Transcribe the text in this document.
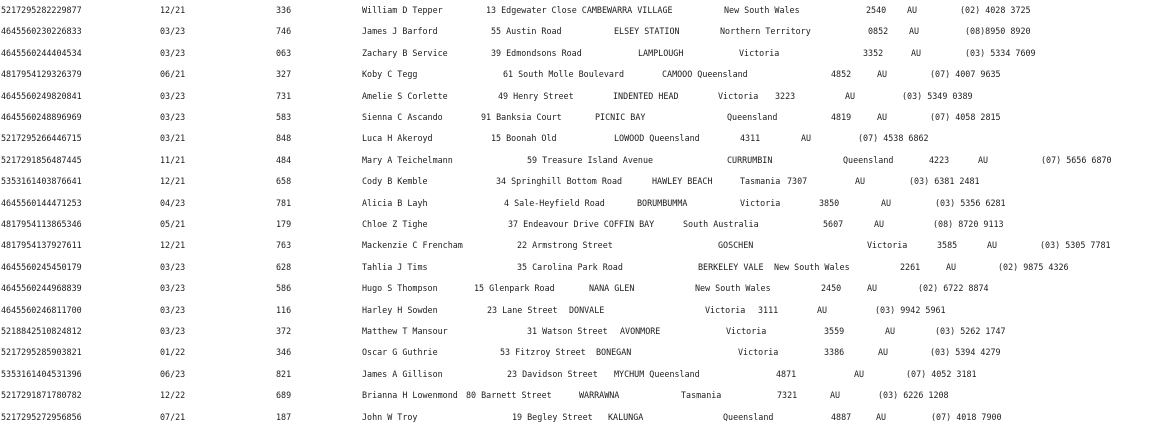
5217295282229877	12/21	336	William D Tepper	13 Edgewater Close CAMBEWARRA VILLAGE	New South Wales	2540 AU	(02) 4028 3725
4645560230226833	03/23	746	James J Barford	55 Austin Road	ELSEY STATION	Northern Territory	0852 AU	(08)8950 8920
4645560244404534	03/23	063	Zachary B Service	39 Edmondsons Road	LAMPLOUGH	Victoria	3352	AU	(03) 5334 7609
4817954129326379	06/21	327	Koby C Tegg	61 South Molle Boulevard	CAMOOO Queensland	4852	AU	(07) 4007 9635
4645560249820841	03/23	731	Amelie S Corlette	49 Henry Street	INDENTED HEAD	Victoria 3223	AU	(03) 5349 0389
4645560248896969	03/23	583	Sienna C Ascando	91 Banksia Court	PICNIC BAY	Queensland	4819	AU	(07) 4058 2815
5217295266446715	03/21	848	Luca H Akeroyd	15 Boonah Old	LOWOOD Queensland	4311	AU	(07) 4538 6862
5217291856487445	11/21	484	Mary A Teichelmann	59 Treasure Island Avenue	CURRUMBIN	Queensland	4223	AU	(07) 5656 6870
5353161403876641	12/21	658	Cody B Kemble	34 Springhill Bottom Road	HAWLEY BEACH	Tasmania 7307	AU	(03) 6381 2481
4645560144471253	04/23	781	Alicia B Layh	4 Sale-Heyfield Road	BORUMBUMMA	Victoria	3850	AU	(03) 5356 6281
4817954113865346	05/21	179	Chloe Z Tighe	37 Endeavour Drive COFFIN BAY	South Australia	5607	AU	(08) 8720 9113
4817954137927611	12/21	763	Mackenzie C Frencham	22 Armstrong Street	GOSCHEN	Victoria	3585	AU	(03) 5305 7781
4645560245450179	03/23	628	Tahlia J Tims	35 Carolina Park Road	BERKELEY VALE New South Wales	2261	AU	(02) 9875 4326
4645560244968839	03/23	586	Hugo S Thompson	15 Glenpark Road	NANA GLEN	New South Wales	2450	AU	(02) 6722 8874
4645560246811700	03/23	116	Harley H Sowden	23 Lane Street DONVALE	Victoria 3111	AU	(03) 9942 5961
5218842510824812	03/23	372	Matthew T Mansour	31 Watson Street AVONMORE	Victoria	3559	AU	(03) 5262 1747
5217295285903821	01/22	346	Oscar G Guthrie	53 Fitzroy Street BONEGAN	Victoria	3386	AU	(03) 5394 4279
5353161404531396	06/23	821	James A Gillison	23 Davidson Street MYCHUM Queensland	4871	AU	(07) 4052 3181
5217291871780782	12/22	689	Brianna H Lowenmond 80 Barnett Street	WARRAWNA	Tasmania	7321	AU	(03) 6226 1208
5217295272956856	07/21	187	John W Troy	19 Begley Street KALUNGA	Queensland	4887	AU	(07) 4018 7900
